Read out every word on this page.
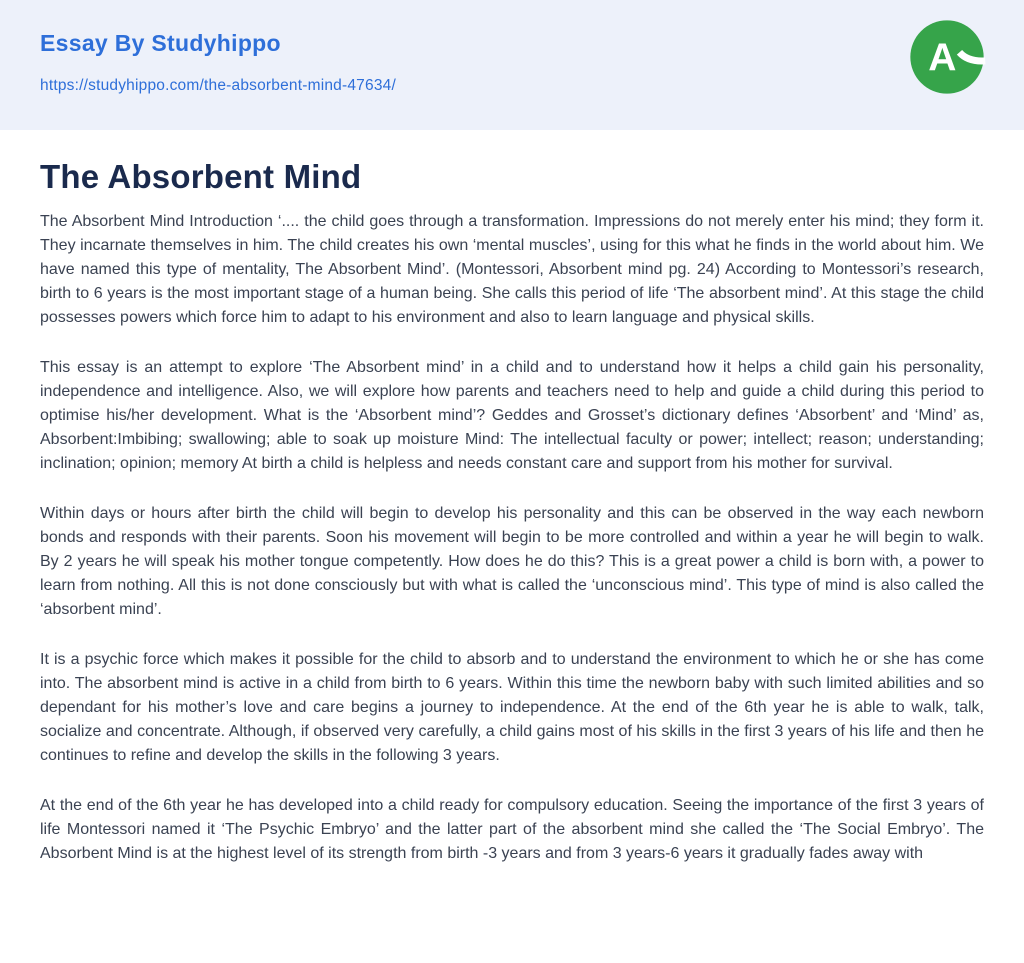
Essay By Studyhippo
https://studyhippo.com/the-absorbent-mind-47634/
A
The Absorbent Mind

The Absorbent Mind Introduction ‘.... the child goes through a transformation. Impressions do not merely enter his mind; they form it. They incarnate themselves in him. The child creates his own ‘mental muscles’, using for this what he finds in the world about him. We have named this type of mentality, The Absorbent Mind’. (Montessori, Absorbent mind pg. 24) According to Montessori’s research, birth to 6 years is the most important stage of a human being. She calls this period of life ‘The absorbent mind’. At this stage the child possesses powers which force him to adapt to his environment and also to learn language and physical skills.

This essay is an attempt to explore ‘The Absorbent mind’ in a child and to understand how it helps a child gain his personality, independence and intelligence. Also, we will explore how parents and teachers need to help and guide a child during this period to optimise his/her development. What is the ‘Absorbent mind’? Geddes and Grosset’s dictionary defines ‘Absorbent’ and ‘Mind’ as, Absorbent:Imbibing; swallowing; able to soak up moisture Mind: The intellectual faculty or power; intellect; reason; understanding; inclination; opinion; memory At birth a child is helpless and needs constant care and support from his mother for survival.

Within days or hours after birth the child will begin to develop his personality and this can be observed in the way each newborn bonds and responds with their parents. Soon his movement will begin to be more controlled and within a year he will begin to walk. By 2 years he will speak his mother tongue competently. How does he do this? This is a great power a child is born with, a power to learn from nothing. All this is not done consciously but with what is called the ‘unconscious mind’. This type of mind is also called the ‘absorbent mind’.

It is a psychic force which makes it possible for the child to absorb and to understand the environment to which he or she has come into. The absorbent mind is active in a child from birth to 6 years. Within this time the newborn baby with such limited abilities and so dependant for his mother’s love and care begins a journey to independence. At the end of the 6th year he is able to walk, talk, socialize and concentrate. Although, if observed very carefully, a child gains most of his skills in the first 3 years of his life and then he continues to refine and develop the skills in the following 3 years.

At the end of the 6th year he has developed into a child ready for compulsory education. Seeing the importance of the first 3 years of life Montessori named it ‘The Psychic Embryo’ and the latter part of the absorbent mind she called the ‘The Social Embryo’. The Absorbent Mind is at the highest level of its strength from birth -3 years and from 3 years-6 years it gradually fades away with
